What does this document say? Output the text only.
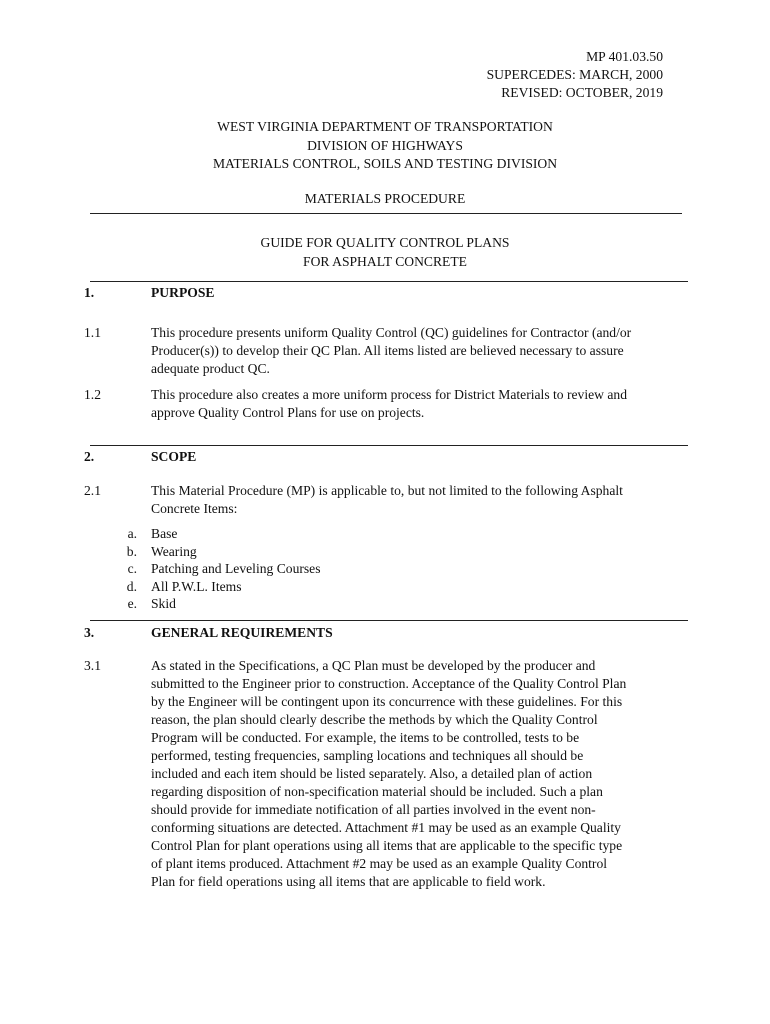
MP 401.03.50
SUPERCEDES: MARCH, 2000
REVISED: OCTOBER, 2019
WEST VIRGINIA DEPARTMENT OF TRANSPORTATION
DIVISION OF HIGHWAYS
MATERIALS CONTROL, SOILS AND TESTING DIVISION
MATERIALS PROCEDURE
GUIDE FOR QUALITY CONTROL PLANS
FOR ASPHALT CONCRETE
1.	PURPOSE
1.1	This procedure presents uniform Quality Control (QC) guidelines for Contractor (and/or
Producer(s)) to develop their QC Plan. All items listed are believed necessary to assure
adequate product QC.
1.2	This procedure also creates a more uniform process for District Materials to review and
approve Quality Control Plans for use on projects.
2.	SCOPE
2.1	This Material Procedure (MP) is applicable to, but not limited to the following Asphalt
Concrete Items:
a. Base
b. Wearing
c. Patching and Leveling Courses
d. All P.W.L. Items
e. Skid
3.	GENERAL REQUIREMENTS
3.1	As stated in the Specifications, a QC Plan must be developed by the producer and
submitted to the Engineer prior to construction. Acceptance of the Quality Control Plan
by the Engineer will be contingent upon its concurrence with these guidelines. For this
reason, the plan should clearly describe the methods by which the Quality Control
Program will be conducted. For example, the items to be controlled, tests to be
performed, testing frequencies, sampling locations and techniques all should be
included and each item should be listed separately. Also, a detailed plan of action
regarding disposition of non-specification material should be included. Such a plan
should provide for immediate notification of all parties involved in the event non-
conforming situations are detected. Attachment #1 may be used as an example Quality
Control Plan for plant operations using all items that are applicable to the specific type
of plant items produced. Attachment #2 may be used as an example Quality Control
Plan for field operations using all items that are applicable to field work.
